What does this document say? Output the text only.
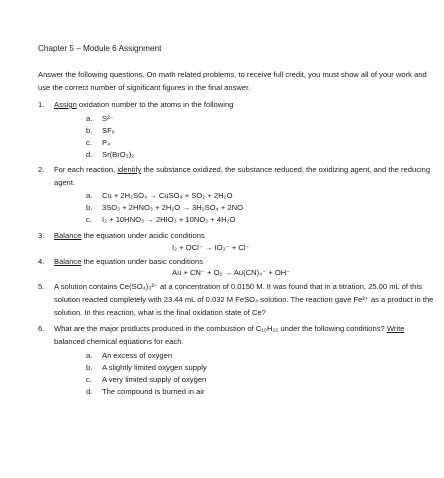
Chapter 5 – Module 6 Assignment
Answer the following questions. On math related problems, to receive full credit, you must show all of your work and use the correct number of significant figures in the final answer.
1.	Assign oxidation number to the atoms in the following
a.	S²⁻
b.	SF₆
c.	P₄
d.	Sr(BrO₃)₂
2.	For each reaction, identify the substance oxidized, the substance reduced, the oxidizing agent, and the reducing agent.
a.	Cu + 2H₂SO₄ → CuSO₄ + SO₂ + 2H₂O
b.	3SO₂ + 2HNO₃ + 2H₂O → 3H₂SO₄ + 2NO
c.	I₂ + 10HNO₃ → 2HIO₃ + 10NO₂ + 4H₂O
3.	Balance the equation under acidic conditions
I₂ + OCl⁻ → IO₃⁻ + Cl⁻
4.	Balance the equation under basic conditions
Au + CN⁻ + O₂ → Au(CN)₄⁻ + OH⁻
5.	A solution contains Ce(SO₄)₃²⁻ at a concentration of 0.0150 M. It was found that in a titration, 25.00 mL of this solution reacted completely with 23.44 mL of 0.032 M FeSO₄ solution. The reaction gave Fe³⁺ as a product in the solution. In this reaction, what is the final oxidation state of Ce?
6.	What are the major products produced in the combustion of C₁₀H₂₂ under the following conditions? Write balanced chemical equations for each.
a.	An excess of oxygen
b.	A slightly limited oxygen supply
c.	A very limited supply of oxygen
d.	The compound is burned in air
